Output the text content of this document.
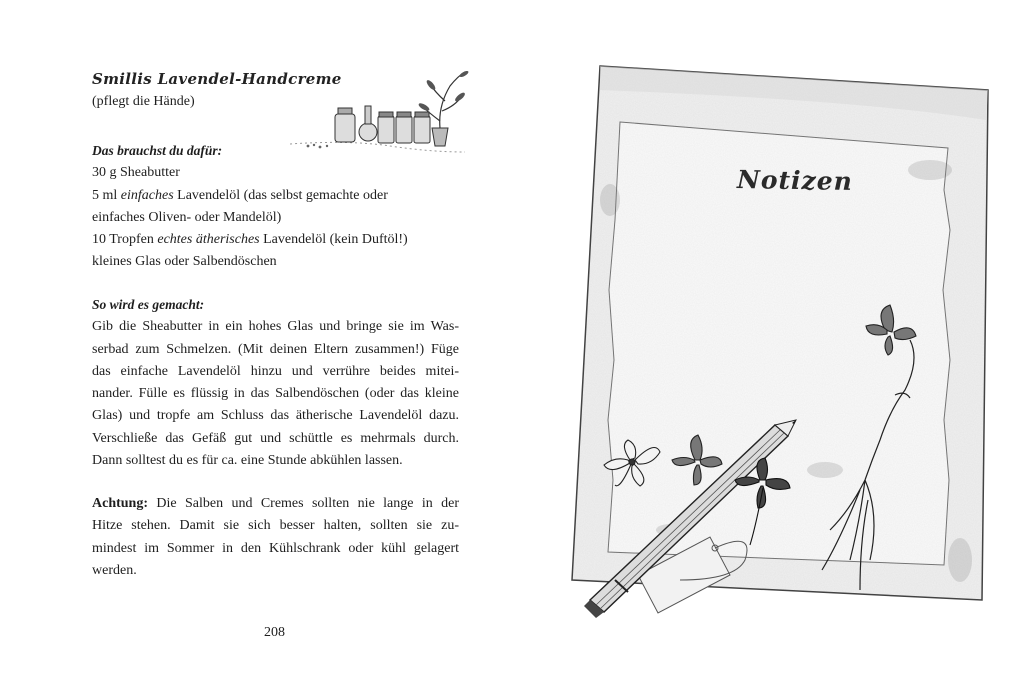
Smillis Lavendel-Handcreme
(pflegt die Hände)
Das brauchst du dafür:
30 g Sheabutter
5 ml einfaches Lavendelöl (das selbst gemachte oder
einfaches Oliven- oder Mandelöl)
10 Tropfen echtes ätherisches Lavendelöl (kein Duftöl!)
kleines Glas oder Salbendöschen
So wird es gemacht:
Gib die Sheabutter in ein hohes Glas und bringe sie im Was-
serbad zum Schmelzen. (Mit deinen Eltern zusammen!) Füge
das einfache Lavendelöl hinzu und verrühre beides mitei-
nander. Fülle es flüssig in das Salbendöschen (oder das kleine
Glas) und tropfe am Schluss das ätherische Lavendelöl dazu.
Verschließe das Gefäß gut und schüttle es mehrmals durch.
Dann solltest du es für ca. eine Stunde abkühlen lassen.
Achtung: Die Salben und Cremes sollten nie lange in der
Hitze stehen. Damit sie sich besser halten, sollten sie zu-
mindest im Sommer in den Kühlschrank oder kühl gelagert
werden.
208
Notizen
